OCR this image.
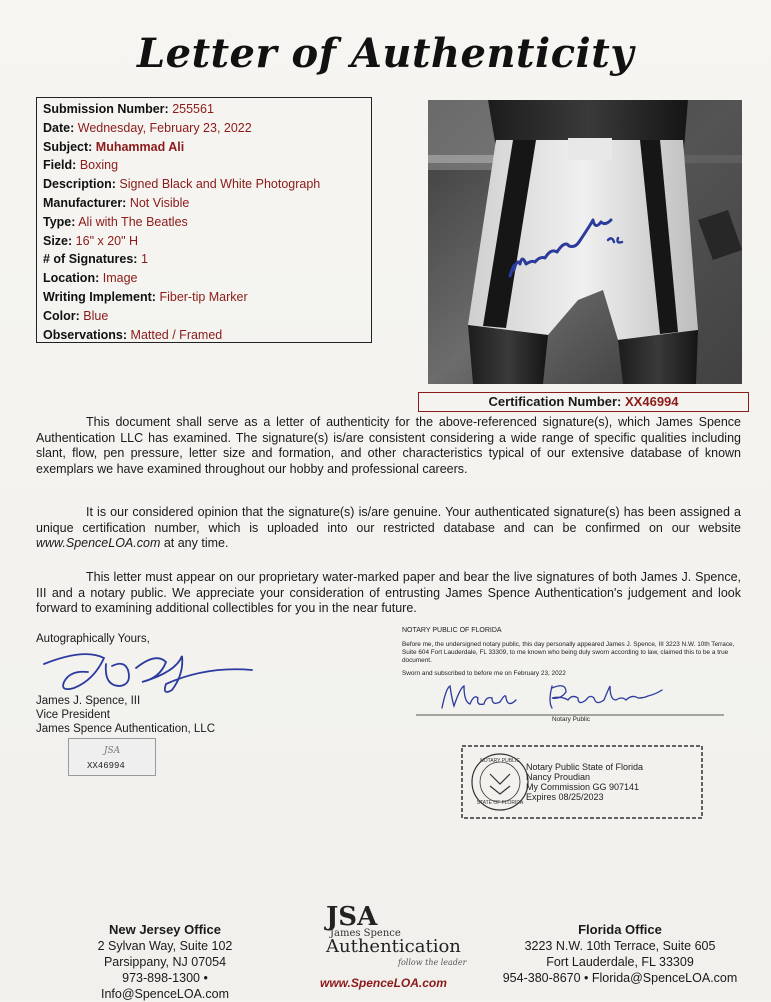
Letter of Authenticity
Submission Number: 255561
Date: Wednesday, February 23, 2022
Subject: Muhammad Ali
Field: Boxing
Description: Signed Black and White Photograph
Manufacturer: Not Visible
Type: Ali with The Beatles
Size: 16" x 20" H
# of Signatures: 1
Location: Image
Writing Implement: Fiber-tip Marker
Color: Blue
Observations: Matted / Framed
Certification Number: XX46994
This document shall serve as a letter of authenticity for the above-referenced signature(s), which James Spence Authentication LLC has examined. The signature(s) is/are consistent considering a wide range of specific qualities including slant, flow, pen pressure, letter size and formation, and other characteristics typical of our extensive database of known exemplars we have examined throughout our hobby and professional careers.
It is our considered opinion that the signature(s) is/are genuine. Your authenticated signature(s) has been assigned a unique certification number, which is uploaded into our restricted database and can be confirmed on our website www.SpenceLOA.com at any time.
This letter must appear on our proprietary water-marked paper and bear the live signatures of both James J. Spence, III and a notary public. We appreciate your consideration of entrusting James Spence Authentication's judgement and look forward to examining additional collectibles for you in the near future.
Autographically Yours,
James J. Spence, III
Vice President
James Spence Authentication, LLC
JSA
XX46994
NOTARY PUBLIC OF FLORIDA
Before me, the undersigned notary public, this day personally appeared James J. Spence, III 3223 N.W. 10th Terrace, Suite 604 Fort Lauderdale, FL 33309, to me known who being duly sworn according to law, claimed this to be a true document.
Sworn and subscribed to before me on February 23, 2022
Notary Public
NOTARY PUBLIC
STATE OF FLORIDA
Notary Public State of Florida
Nancy Proudian
My Commission GG 907141
Expires 08/25/2023
New Jersey Office
2 Sylvan Way, Suite 102
Parsippany, NJ 07054
973-898-1300 • Info@SpenceLOA.com
JSA
James Spence
Authentication
follow the leader
www.SpenceLOA.com
Florida Office
3223 N.W. 10th Terrace, Suite 605
Fort Lauderdale, FL 33309
954-380-8670 • Florida@SpenceLOA.com
